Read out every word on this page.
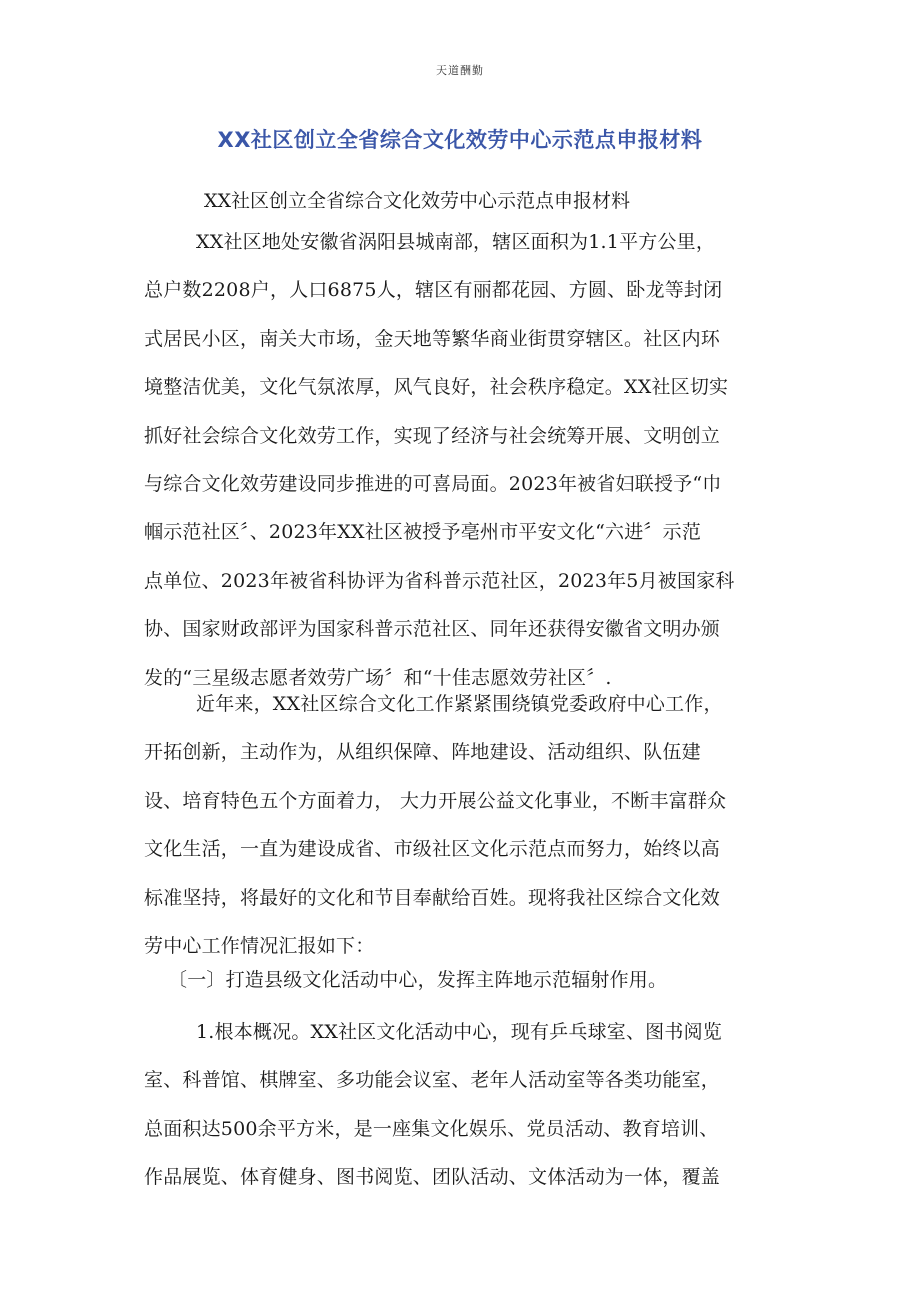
天道酬勤
XX社区创立全省综合文化效劳中心示范点申报材料
XX社区创立全省综合文化效劳中心示范点申报材料
XX社区地处安徽省涡阳县城南部，辖区面积为1.1平方公里，
总户数2208户，人口6875人，辖区有丽都花园、方圆、卧龙等封闭
式居民小区，南关大市场，金天地等繁华商业街贯穿辖区。社区内环
境整洁优美，文化气氛浓厚，风气良好，社会秩序稳定。XX社区切实
抓好社会综合文化效劳工作，实现了经济与社会统筹开展、文明创立
与综合文化效劳建设同步推进的可喜局面。2023年被省妇联授予“巾
帼示范社区〞、2023年XX社区被授予亳州市平安文化“六进〞示范
点单位、2023年被省科协评为省科普示范社区，2023年5月被国家科
协、国家财政部评为国家科普示范社区、同年还获得安徽省文明办颁
发的“三星级志愿者效劳广场〞和“十佳志愿效劳社区〞.
近年来，XX社区综合文化工作紧紧围绕镇党委政府中心工作，
开拓创新，主动作为，从组织保障、阵地建设、活动组织、队伍建
设、培育特色五个方面着力， 大力开展公益文化事业，不断丰富群众
文化生活，一直为建设成省、市级社区文化示范点而努力，始终以高
标准坚持，将最好的文化和节目奉献给百姓。现将我社区综合文化效
劳中心工作情况汇报如下：
〔一〕打造县级文化活动中心，发挥主阵地示范辐射作用。
1.根本概况。XX社区文化活动中心，现有乒乓球室、图书阅览
室、科普馆、棋牌室、多功能会议室、老年人活动室等各类功能室，
总面积达500余平方米，是一座集文化娱乐、党员活动、教育培训、
作品展览、体育健身、图书阅览、团队活动、文体活动为一体，覆盖
